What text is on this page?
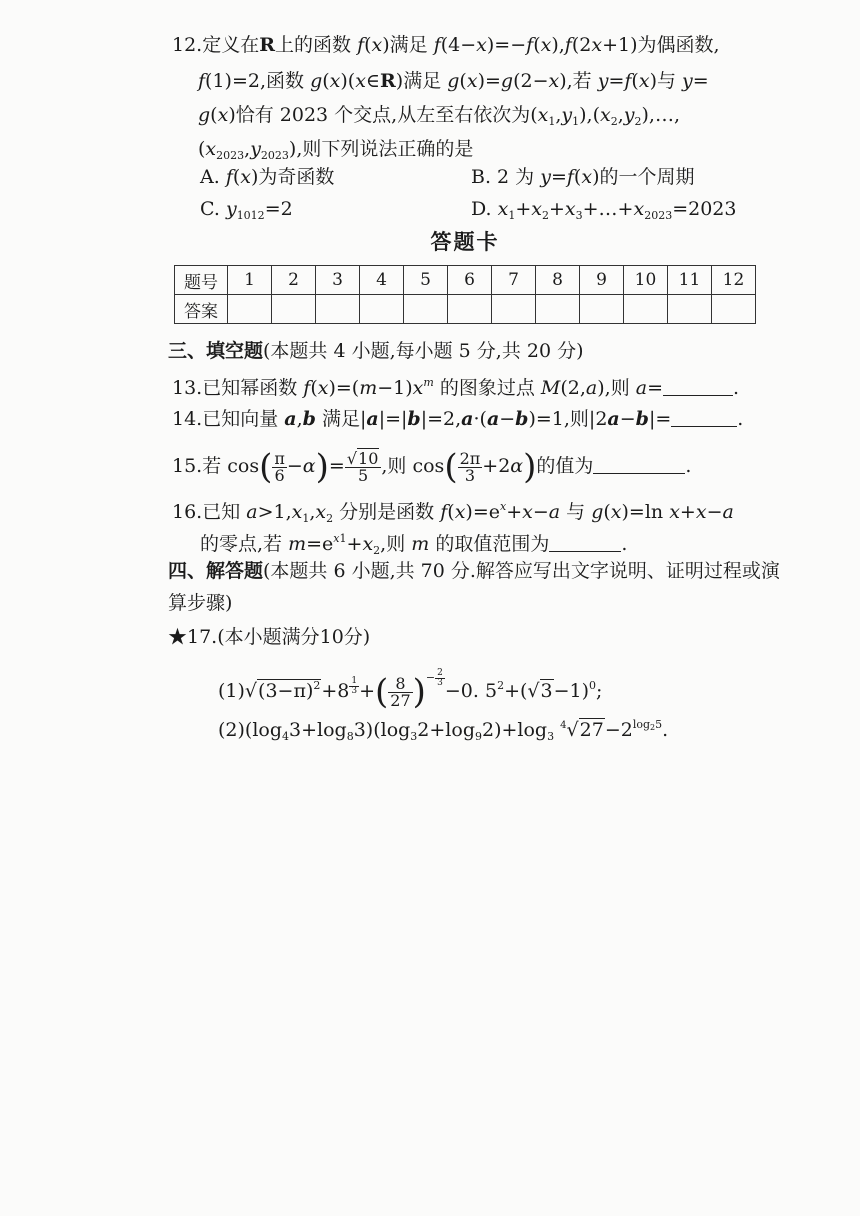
12.定义在R上的函数 f(x)满足 f(4−x)=−f(x),f(2x+1)为偶函数,
f(1)=2,函数 g(x)(x∈R)满足 g(x)=g(2−x),若 y=f(x)与 y=
g(x)恰有 2023 个交点,从左至右依次为$(x_1,y_1),(x_2,y_2),\dots$,
$(x_{2023},y_{2023})$,则下列说法正确的是
A. f(x)为奇函数	B. 2 为 y=f(x)的一个周期
C. $y_{1012}=2$	D. $x_1+x_2+x_3+\dots+x_{2023}=2023$
答题卡
题号	1	2	3	4	5	6	7	8	9	10	11	12
答案												
三、填空题(本题共 4 小题,每小题 5 分,共 20 分)
13.已知幂函数 $f(x)=(m-1)x^m$ 的图象过点 M(2,a),则 a=	.
14.已知向量 a,b 满足|a|=|b|=2,a·(a−b)=1,则|2a−b|=	.
15.若 $\cos( \frac{\pi}{6} -\alpha)= \frac{√10}{5}$ ,则 $\cos( \frac{2\pi}{3} +2\alpha)$的值为	.
16.已知 $a>1,x_1,x_2$ 分别是函数 $f(x)=e^x+x-a$ 与 g(x)=ln x+x−a
的零点,若 $m=e^{x1}+x_2$,则 m 的取值范围为	.
四、解答题(本题共 6 小题,共 70 分.解答应写出文字说明、证明过程或演
算步骤)
★17.(本小题满分10分)
$(1)√(3-\pi)^2+8$ $^{\frac{1}{3}}$ +( $\frac{8}{27} )^{- \frac{2}{3}}$
−0. $5^2+(√3-1)^0$;
$(2)(\log_43+\log_83)(\log_32+\log_92)+\log_3$ $^4√27-2^{log_25}$.
